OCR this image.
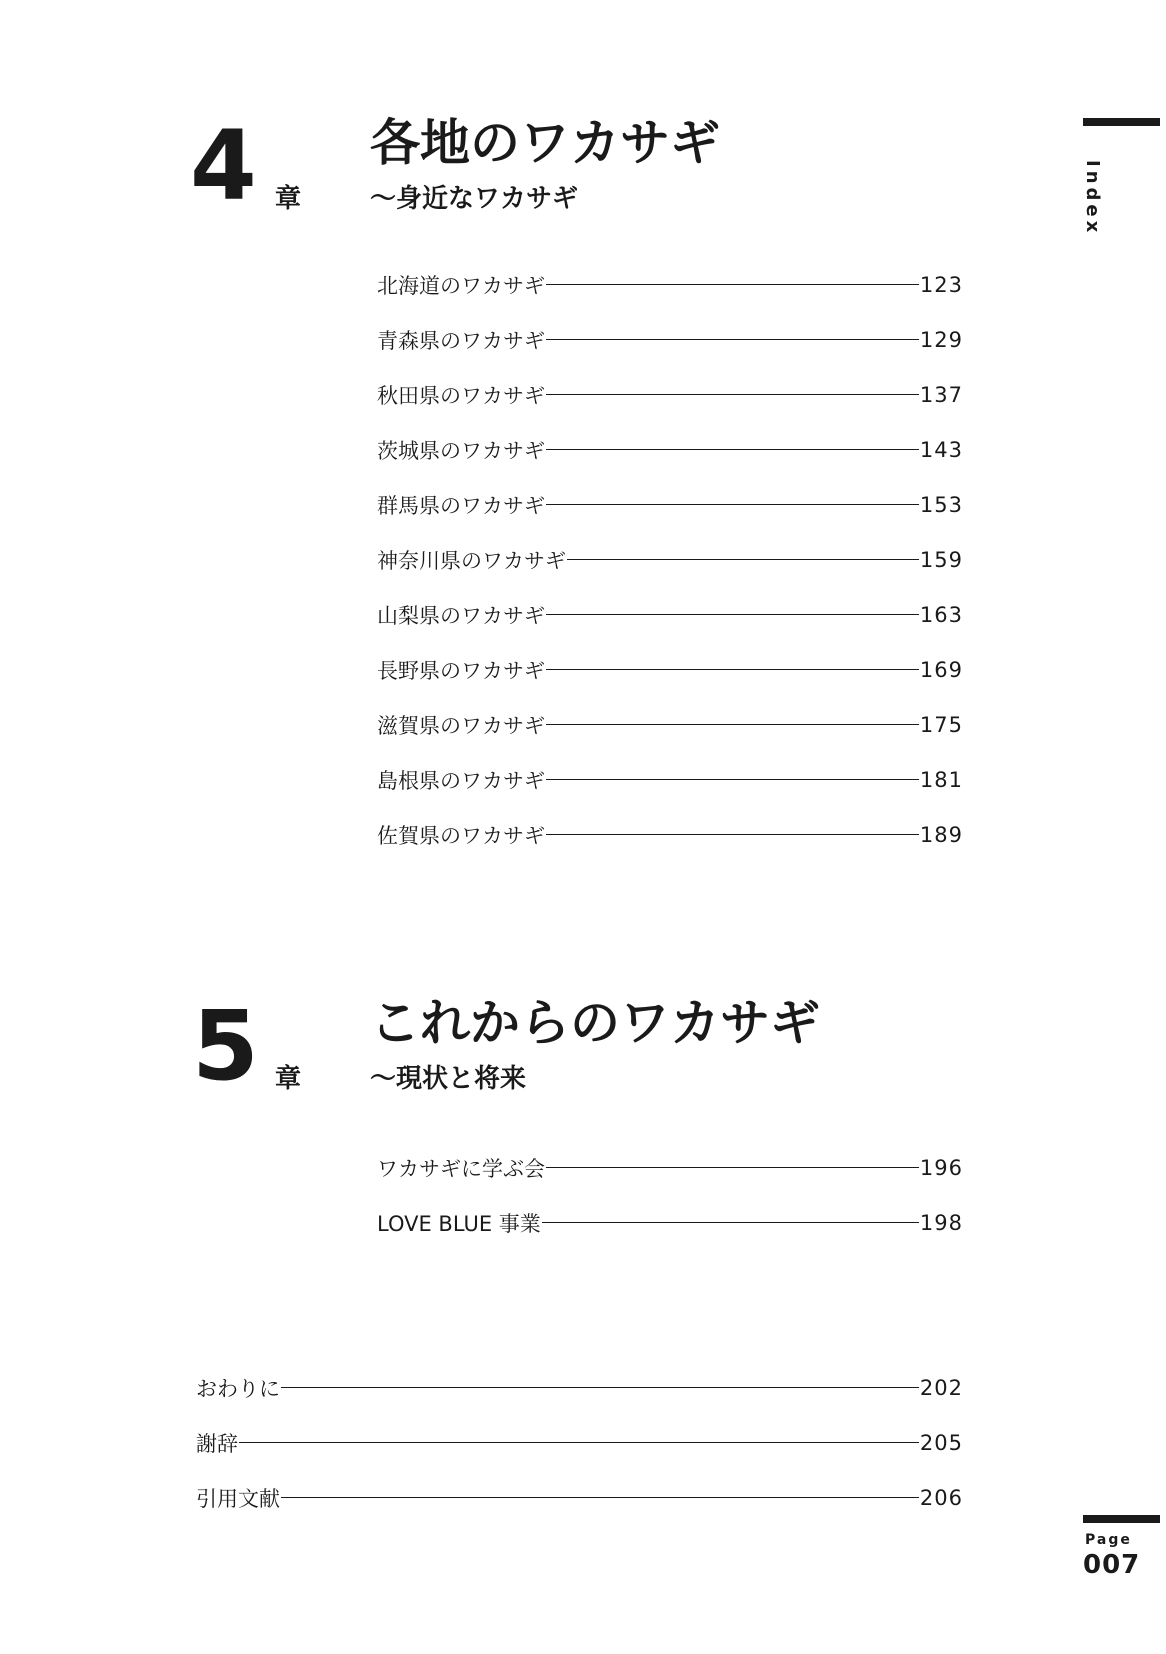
Index
4 章
各地のワカサギ
～身近なワカサギ
北海道のワカサギ	123
青森県のワカサギ	129
秋田県のワカサギ	137
茨城県のワカサギ	143
群馬県のワカサギ	153
神奈川県のワカサギ	159
山梨県のワカサギ	163
長野県のワカサギ	169
滋賀県のワカサギ	175
島根県のワカサギ	181
佐賀県のワカサギ	189
5 章
これからのワカサギ
～現状と将来
ワカサギに学ぶ会	196
LOVE BLUE 事業	198
おわりに	202
謝辞	205
引用文献	206
Page
007
